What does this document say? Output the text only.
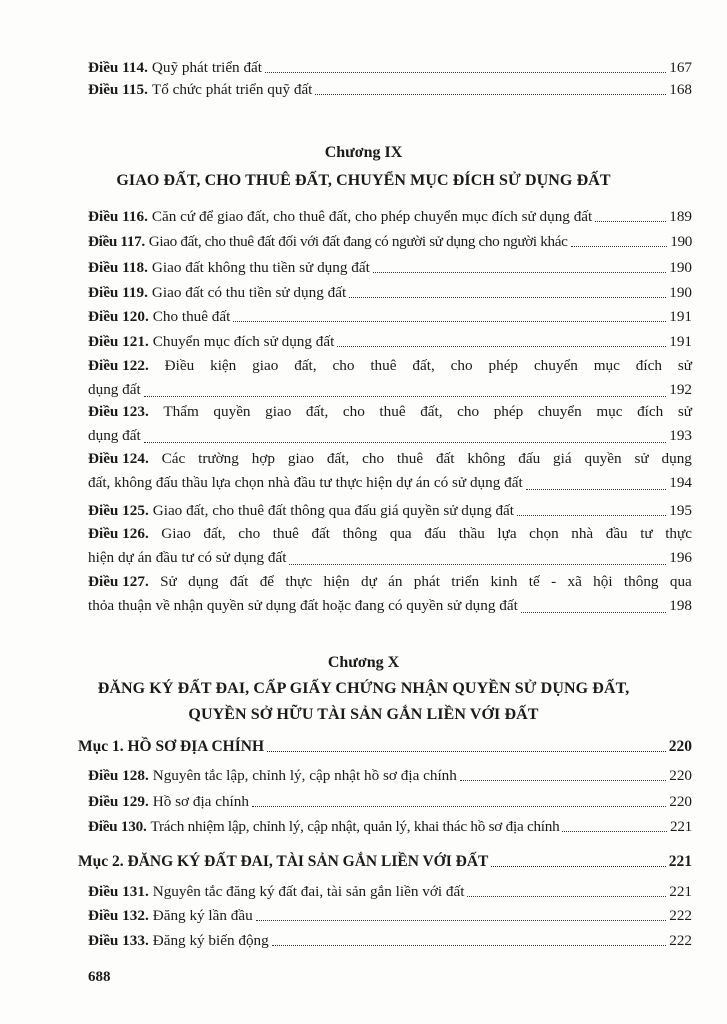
Điều 114. Quỹ phát triển đất	167
Điều 115. Tổ chức phát triển quỹ đất	168
Chương IX
GIAO ĐẤT, CHO THUÊ ĐẤT, CHUYỂN MỤC ĐÍCH SỬ DỤNG ĐẤT
Điều 116. Căn cứ để giao đất, cho thuê đất, cho phép chuyển mục đích sử dụng đất	189
Điều 117. Giao đất, cho thuê đất đối với đất đang có người sử dụng cho người khác	190
Điều 118. Giao đất không thu tiền sử dụng đất	190
Điều 119. Giao đất có thu tiền sử dụng đất	190
Điều 120. Cho thuê đất	191
Điều 121. Chuyển mục đích sử dụng đất	191
Điều 122. Điều kiện giao đất, cho thuê đất, cho phép chuyển mục đích sử
dụng đất	192
Điều 123. Thẩm quyền giao đất, cho thuê đất, cho phép chuyển mục đích sử
dụng đất	193
Điều 124. Các trường hợp giao đất, cho thuê đất không đấu giá quyền sử dụng
đất, không đấu thầu lựa chọn nhà đầu tư thực hiện dự án có sử dụng đất	194
Điều 125. Giao đất, cho thuê đất thông qua đấu giá quyền sử dụng đất	195
Điều 126. Giao đất, cho thuê đất thông qua đấu thầu lựa chọn nhà đầu tư thực
hiện dự án đầu tư có sử dụng đất	196
Điều 127. Sử dụng đất để thực hiện dự án phát triển kinh tế - xã hội thông qua
thỏa thuận về nhận quyền sử dụng đất hoặc đang có quyền sử dụng đất	198
Chương X
ĐĂNG KÝ ĐẤT ĐAI, CẤP GIẤY CHỨNG NHẬN QUYỀN SỬ DỤNG ĐẤT,
QUYỀN SỞ HỮU TÀI SẢN GẮN LIỀN VỚI ĐẤT
Mục 1. HỒ SƠ ĐỊA CHÍNH	220
Điều 128. Nguyên tắc lập, chỉnh lý, cập nhật hồ sơ địa chính	220
Điều 129. Hồ sơ địa chính	220
Điều 130. Trách nhiệm lập, chỉnh lý, cập nhật, quản lý, khai thác hồ sơ địa chính	221
Mục 2. ĐĂNG KÝ ĐẤT ĐAI, TÀI SẢN GẮN LIỀN VỚI ĐẤT	221
Điều 131. Nguyên tắc đăng ký đất đai, tài sản gắn liền với đất	221
Điều 132. Đăng ký lần đầu	222
Điều 133. Đăng ký biến động	222
688
